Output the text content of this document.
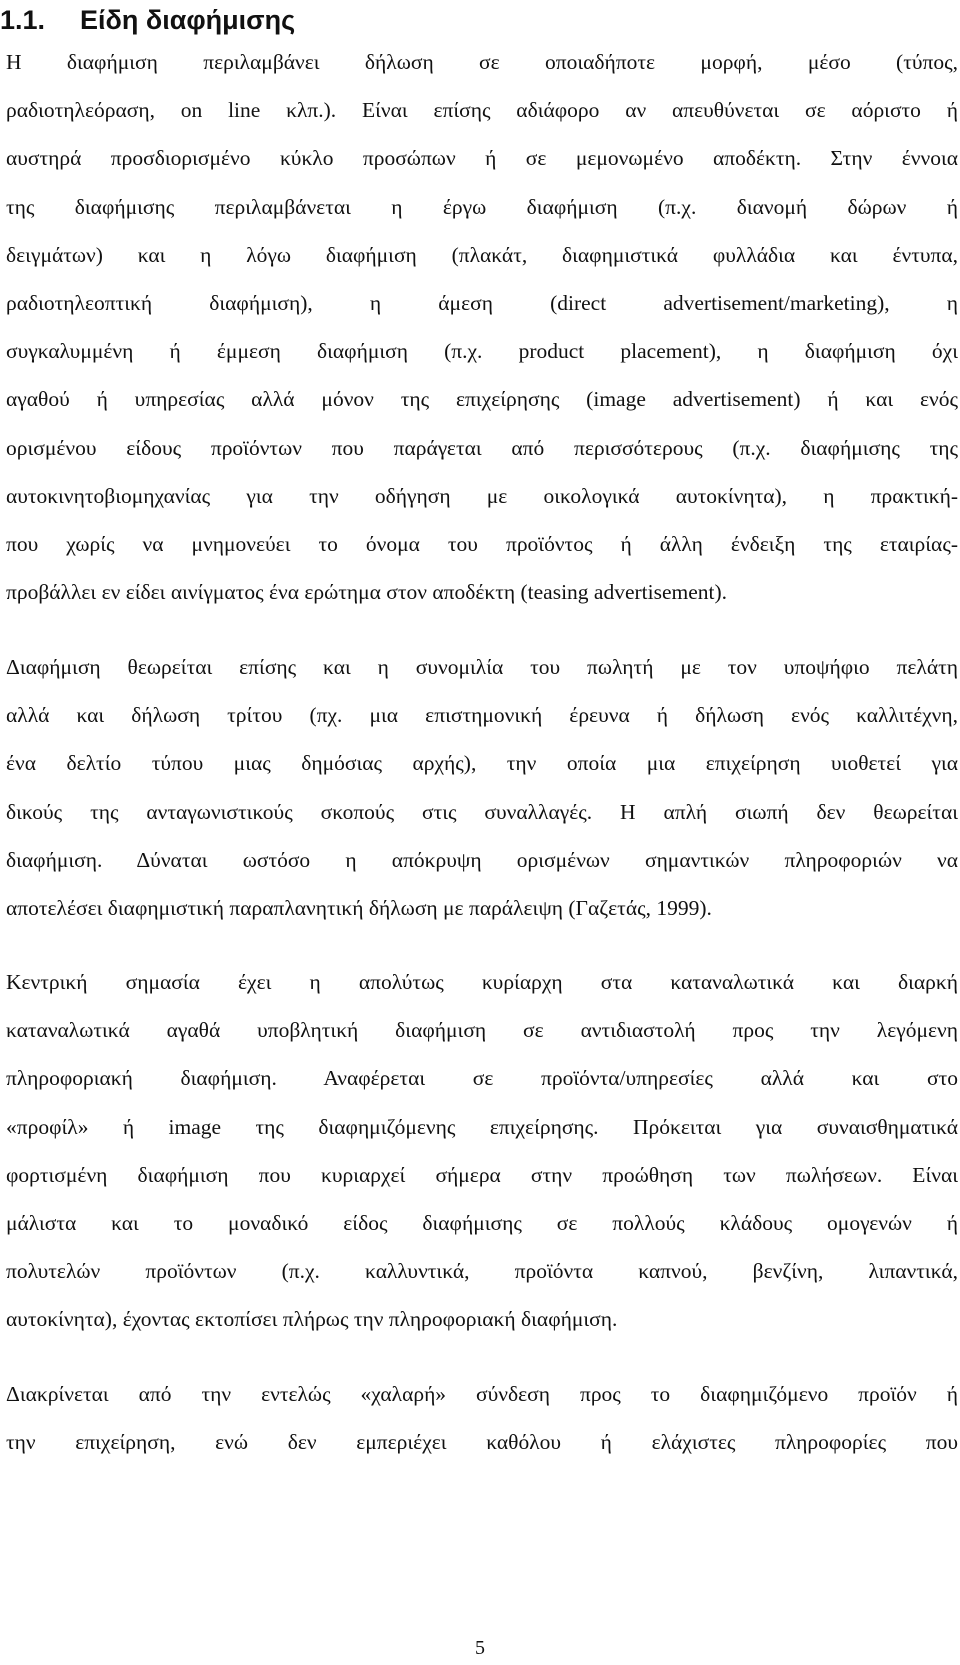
1.1. Είδη διαφήμισης
Η διαφήμιση περιλαμβάνει δήλωση σε οποιαδήποτε μορφή, μέσο (τύπος,
ραδιοτηλεόραση, on line κλπ.). Είναι επίσης αδιάφορο αν απευθύνεται σε αόριστο ή
αυστηρά προσδιορισμένο κύκλο προσώπων ή σε μεμονωμένο αποδέκτη. Στην έννοια
της διαφήμισης περιλαμβάνεται η έργω διαφήμιση (π.χ. διανομή δώρων ή
δειγμάτων) και η λόγω διαφήμιση (πλακάτ, διαφημιστικά φυλλάδια και έντυπα,
ραδιοτηλεοπτική διαφήμιση), η άμεση (direct advertisement/marketing), η
συγκαλυμμένη ή έμμεση διαφήμιση (π.χ. product placement), η διαφήμιση όχι
αγαθού ή υπηρεσίας αλλά μόνον της επιχείρησης (image advertisement) ή και ενός
ορισμένου είδους προϊόντων που παράγεται από περισσότερους (π.χ. διαφήμισης της
αυτοκινητοβιομηχανίας για την οδήγηση με οικολογικά αυτοκίνητα), η πρακτική-
που χωρίς να μνημονεύει το όνομα του προϊόντος ή άλλη ένδειξη της εταιρίας-
προβάλλει εν είδει αινίγματος ένα ερώτημα στον αποδέκτη (teasing advertisement).
Διαφήμιση θεωρείται επίσης και η συνομιλία του πωλητή με τον υποψήφιο πελάτη
αλλά και δήλωση τρίτου (πχ. μια επιστημονική έρευνα ή δήλωση ενός καλλιτέχνη,
ένα δελτίο τύπου μιας δημόσιας αρχής), την οποία μια επιχείρηση υιοθετεί για
δικούς της ανταγωνιστικούς σκοπούς στις συναλλαγές. Η απλή σιωπή δεν θεωρείται
διαφήμιση. Δύναται ωστόσο η απόκρυψη ορισμένων σημαντικών πληροφοριών να
αποτελέσει διαφημιστική παραπλανητική δήλωση με παράλειψη (Γαζετάς, 1999).
Κεντρική σημασία έχει η απολύτως κυρίαρχη στα καταναλωτικά και διαρκή
καταναλωτικά αγαθά υποβλητική διαφήμιση σε αντιδιαστολή προς την λεγόμενη
πληροφοριακή διαφήμιση. Αναφέρεται σε προϊόντα/υπηρεσίες αλλά και στο
«προφίλ» ή image της διαφημιζόμενης επιχείρησης. Πρόκειται για συναισθηματικά
φορτισμένη διαφήμιση που κυριαρχεί σήμερα στην προώθηση των πωλήσεων. Είναι
μάλιστα και το μοναδικό είδος διαφήμισης σε πολλούς κλάδους ομογενών ή
πολυτελών προϊόντων (π.χ. καλλυντικά, προϊόντα καπνού, βενζίνη, λιπαντικά,
αυτοκίνητα), έχοντας εκτοπίσει πλήρως την πληροφοριακή διαφήμιση.
Διακρίνεται από την εντελώς «χαλαρή» σύνδεση προς το διαφημιζόμενο προϊόν ή
την επιχείρηση, ενώ δεν εμπεριέχει καθόλου ή ελάχιστες πληροφορίες που
5
